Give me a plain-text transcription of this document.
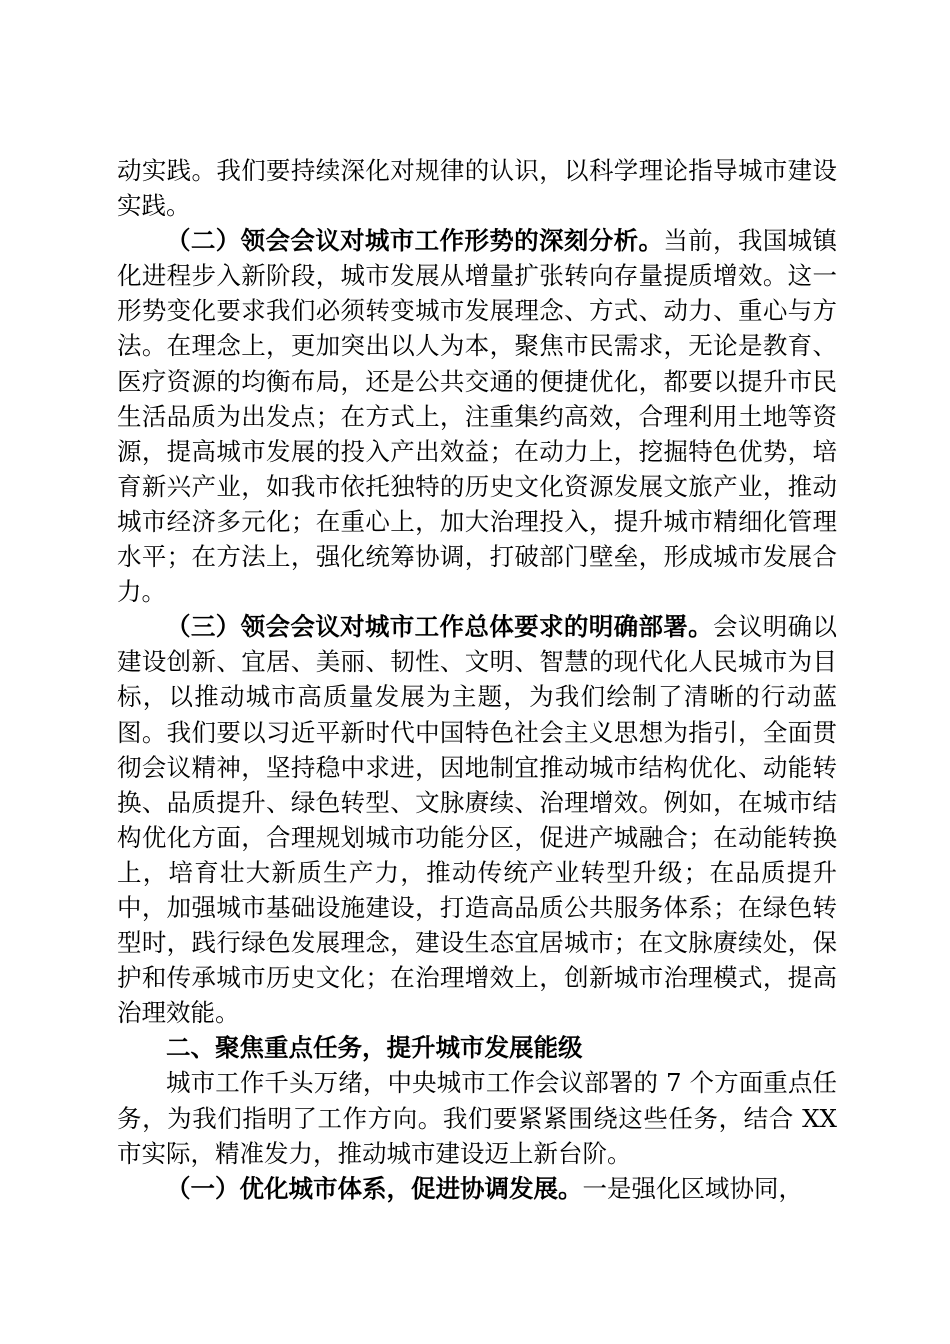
动实践。我们要持续深化对规律的认识，以科学理论指导城市建设实践。

（二）领会会议对城市工作形势的深刻分析。当前，我国城镇化进程步入新阶段，城市发展从增量扩张转向存量提质增效。这一形势变化要求我们必须转变城市发展理念、方式、动力、重心与方法。在理念上，更加突出以人为本，聚焦市民需求，无论是教育、医疗资源的均衡布局，还是公共交通的便捷优化，都要以提升市民生活品质为出发点；在方式上，注重集约高效，合理利用土地等资源，提高城市发展的投入产出效益；在动力上，挖掘特色优势，培育新兴产业，如我市依托独特的历史文化资源发展文旅产业，推动城市经济多元化；在重心上，加大治理投入，提升城市精细化管理水平；在方法上，强化统筹协调，打破部门壁垒，形成城市发展合力。

（三）领会会议对城市工作总体要求的明确部署。会议明确以建设创新、宜居、美丽、韧性、文明、智慧的现代化人民城市为目标，以推动城市高质量发展为主题，为我们绘制了清晰的行动蓝图。我们要以习近平新时代中国特色社会主义思想为指引，全面贯彻会议精神，坚持稳中求进，因地制宜推动城市结构优化、动能转换、品质提升、绿色转型、文脉赓续、治理增效。例如，在城市结构优化方面，合理规划城市功能分区，促进产城融合；在动能转换上，培育壮大新质生产力，推动传统产业转型升级；在品质提升中，加强城市基础设施建设，打造高品质公共服务体系；在绿色转型时，践行绿色发展理念，建设生态宜居城市；在文脉赓续处，保护和传承城市历史文化；在治理增效上，创新城市治理模式，提高治理效能。

二、聚焦重点任务，提升城市发展能级

城市工作千头万绪，中央城市工作会议部署的 7 个方面重点任务，为我们指明了工作方向。我们要紧紧围绕这些任务，结合 XX 市实际，精准发力，推动城市建设迈上新台阶。

（一）优化城市体系，促进协调发展。一是强化区域协同，
